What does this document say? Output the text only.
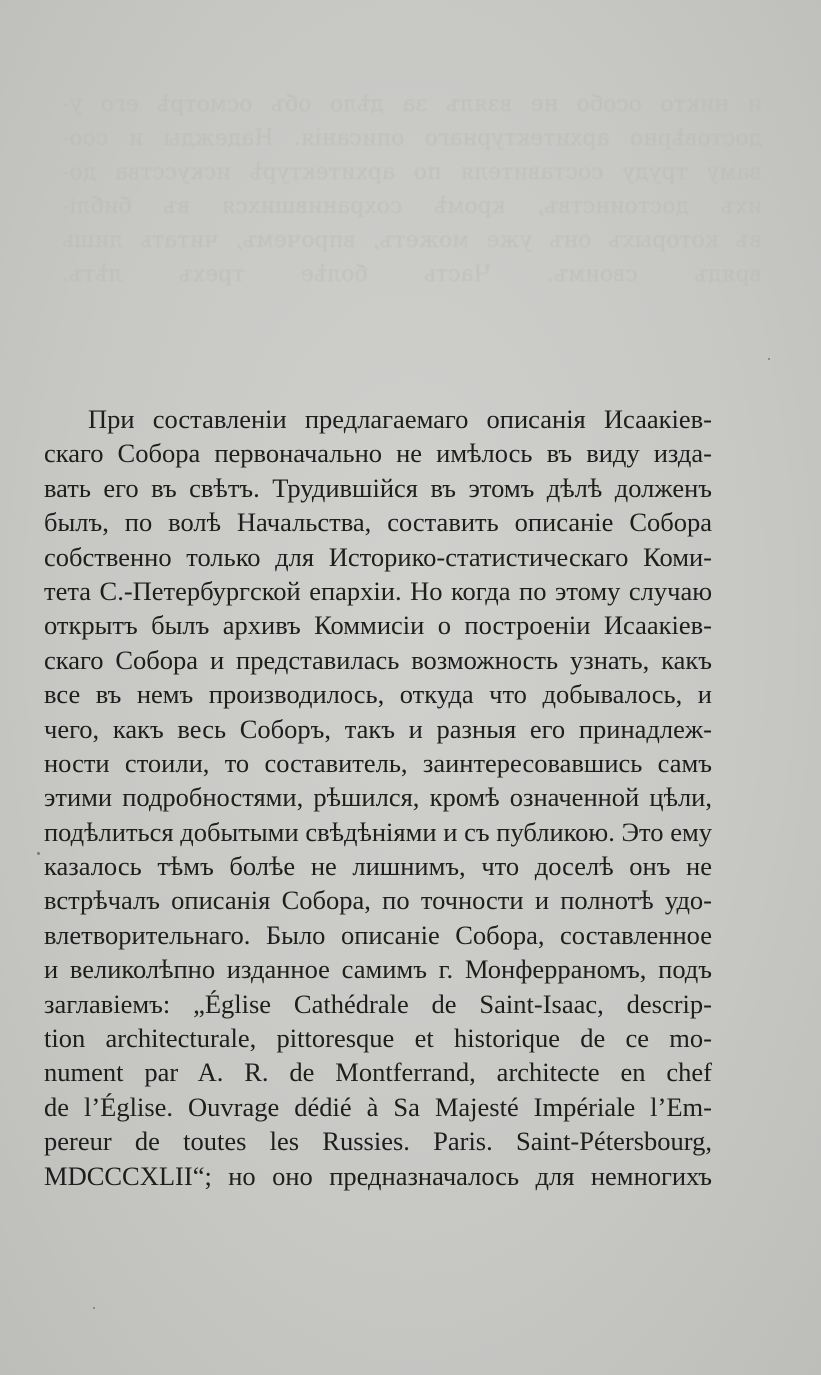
и никто особо не взялъ за дѣло объ осмотрѣ его у-
достовѣрно архитектурнаго описанія. Надежды и соо-
ваму труду составителя по архитектурѣ искусства до-
ихъ достоинствъ, кромѣ сохранившихся въ библі-
въ которыхъ онъ уже можетъ, впрочемъ, читать лишь
врядъ своимъ. Часть болѣе трехъ лѣтъ.
При составленіи предлагаемаго описанія Исаакіев-
скаго Собора первоначально не имѣлось въ виду изда-
вать его въ свѣтъ. Трудившійся въ этомъ дѣлѣ долженъ
былъ, по волѣ Начальства, составить описаніе Собора
собственно только для Историко-статистическаго Коми-
тета С.-Петербургской епархіи. Но когда по этому случаю
открытъ былъ архивъ Коммисіи о построеніи Исаакіев-
скаго Собора и представилась возможность узнать, какъ
все въ немъ производилось, откуда что добывалось, и
чего, какъ весь Соборъ, такъ и разныя его принадлеж-
ности стоили, то составитель, заинтересовавшись самъ
этими подробностями, рѣшился, кромѣ означенной цѣли,
подѣлиться добытыми свѣдѣніями и съ публикою. Это ему
казалось тѣмъ болѣе не лишнимъ, что доселѣ онъ не
встрѣчалъ описанія Собора, по точности и полнотѣ удо-
влетворительнаго. Было описаніе Собора, составленное
и великолѣпно изданное самимъ г. Монферраномъ, подъ
заглавіемъ: „Église Cathédrale de Saint-Isaac, descrip-
tion architecturale, pittoresque et historique de ce mo-
nument par A. R. de Montferrand, architecte en chef
de l’Église. Ouvrage dédié à Sa Majesté Impériale l’Em-
pereur de toutes les Russies. Paris. Saint-Pétersbourg,
MDCCCXLII“; но оно предназначалось для немногихъ
